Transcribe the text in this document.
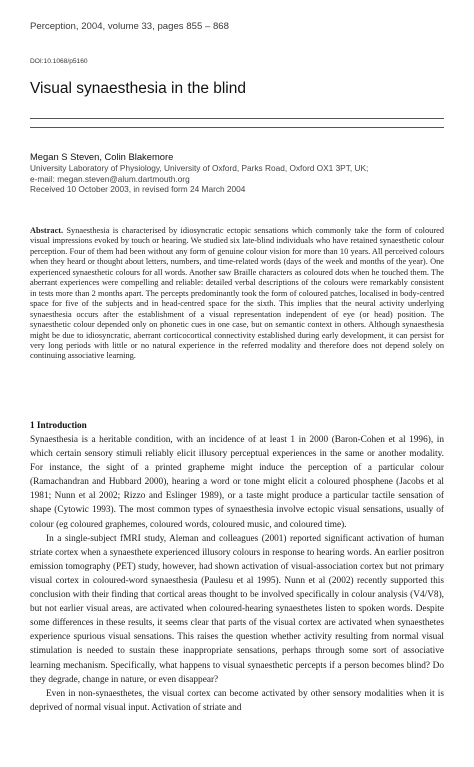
Perception, 2004, volume 33, pages 855 – 868
DOI:10.1068/p5160
Visual synaesthesia in the blind
Megan S Steven, Colin Blakemore
University Laboratory of Physiology, University of Oxford, Parks Road, Oxford OX1 3PT, UK;
e-mail: megan.steven@alum.dartmouth.org
Received 10 October 2003, in revised form 24 March 2004
Abstract. Synaesthesia is characterised by idiosyncratic ectopic sensations which commonly take the form of coloured visual impressions evoked by touch or hearing. We studied six late-blind individuals who have retained synaesthetic colour perception. Four of them had been without any form of genuine colour vision for more than 10 years. All perceived colours when they heard or thought about letters, numbers, and time-related words (days of the week and months of the year). One experienced synaesthetic colours for all words. Another saw Braille characters as coloured dots when he touched them. The aberrant experiences were compelling and reliable: detailed verbal descriptions of the colours were remarkably consistent in tests more than 2 months apart. The percepts predominantly took the form of coloured patches, localised in body-centred space for five of the subjects and in head-centred space for the sixth. This implies that the neural activity underlying synaesthesia occurs after the establishment of a visual representation independent of eye (or head) position. The synaesthetic colour depended only on phonetic cues in one case, but on semantic context in others. Although synaesthesia might be due to idiosyncratic, aberrant corticocortical connectivity established during early development, it can persist for very long periods with little or no natural experience in the referred modality and therefore does not depend solely on continuing associative learning.
1 Introduction

Synaesthesia is a heritable condition, with an incidence of at least 1 in 2000 (Baron-Cohen et al 1996), in which certain sensory stimuli reliably elicit illusory perceptual experiences in the same or another modality. For instance, the sight of a printed grapheme might induce the perception of a particular colour (Ramachandran and Hubbard 2000), hearing a word or tone might elicit a coloured phosphene (Jacobs et al 1981; Nunn et al 2002; Rizzo and Eslinger 1989), or a taste might produce a particular tactile sensation of shape (Cytowic 1993). The most common types of synaesthesia involve ectopic visual sensations, usually of colour (eg coloured graphemes, coloured words, coloured music, and coloured time).

In a single-subject fMRI study, Aleman and colleagues (2001) reported significant activation of human striate cortex when a synaesthete experienced illusory colours in response to hearing words. An earlier positron emission tomography (PET) study, however, had shown activation of visual-association cortex but not primary visual cortex in coloured-word synaesthesia (Paulesu et al 1995). Nunn et al (2002) recently supported this conclusion with their finding that cortical areas thought to be involved specifically in colour analysis (V4/V8), but not earlier visual areas, are activated when coloured-hearing synaesthetes listen to spoken words. Despite some differences in these results, it seems clear that parts of the visual cortex are activated when synaesthetes experience spurious visual sensations. This raises the question whether activity resulting from normal visual stimulation is needed to sustain these inappropriate sensations, perhaps through some sort of associative learning mechanism. Specifically, what happens to visual synaesthetic percepts if a person becomes blind? Do they degrade, change in nature, or even disappear?

Even in non-synaesthetes, the visual cortex can become activated by other sensory modalities when it is deprived of normal visual input. Activation of striate and
